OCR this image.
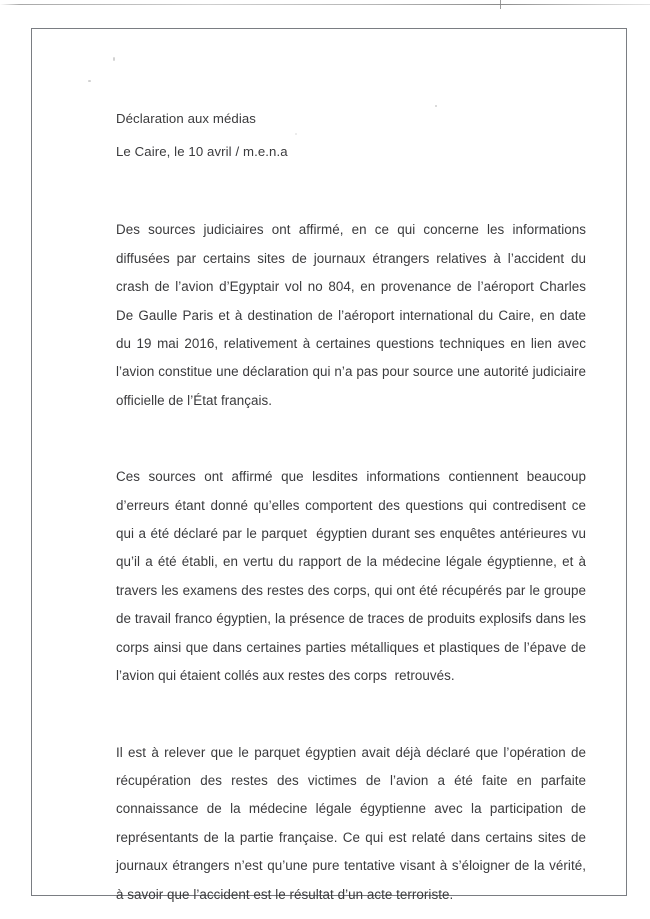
Déclaration aux médias
Le Caire, le 10 avril / m.e.n.a

Des sources judiciaires ont affirmé, en ce qui concerne les informations diffusées par certains sites de journaux étrangers relatives à l’accident du crash de l’avion d’Egyptair vol no 804, en provenance de l’aéroport Charles De Gaulle Paris et à destination de l’aéroport international du Caire, en date du 19 mai 2016, relativement à certaines questions techniques en lien avec l’avion constitue une déclaration qui n’a pas pour source une autorité judiciaire officielle de l’État français.

Ces sources ont affirmé que lesdites informations contiennent beaucoup d’erreurs étant donné qu’elles comportent des questions qui contredisent ce qui a été déclaré par le parquet  égyptien durant ses enquêtes antérieures vu qu’il a été établi, en vertu du rapport de la médecine légale égyptienne, et à travers les examens des restes des corps, qui ont été récupérés par le groupe de travail franco égyptien, la présence de traces de produits explosifs dans les corps ainsi que dans certaines parties métalliques et plastiques de l’épave de l’avion qui étaient collés aux restes des corps  retrouvés.

Il est à relever que le parquet égyptien avait déjà déclaré que l’opération de récupération des restes des victimes de l’avion a été faite en parfaite connaissance de la médecine légale égyptienne avec la participation de représentants de la partie française. Ce qui est relaté dans certains sites de journaux étrangers n’est qu’une pure tentative visant à s’éloigner de la vérité, à savoir que l’accident est le résultat d’un acte terroriste.
